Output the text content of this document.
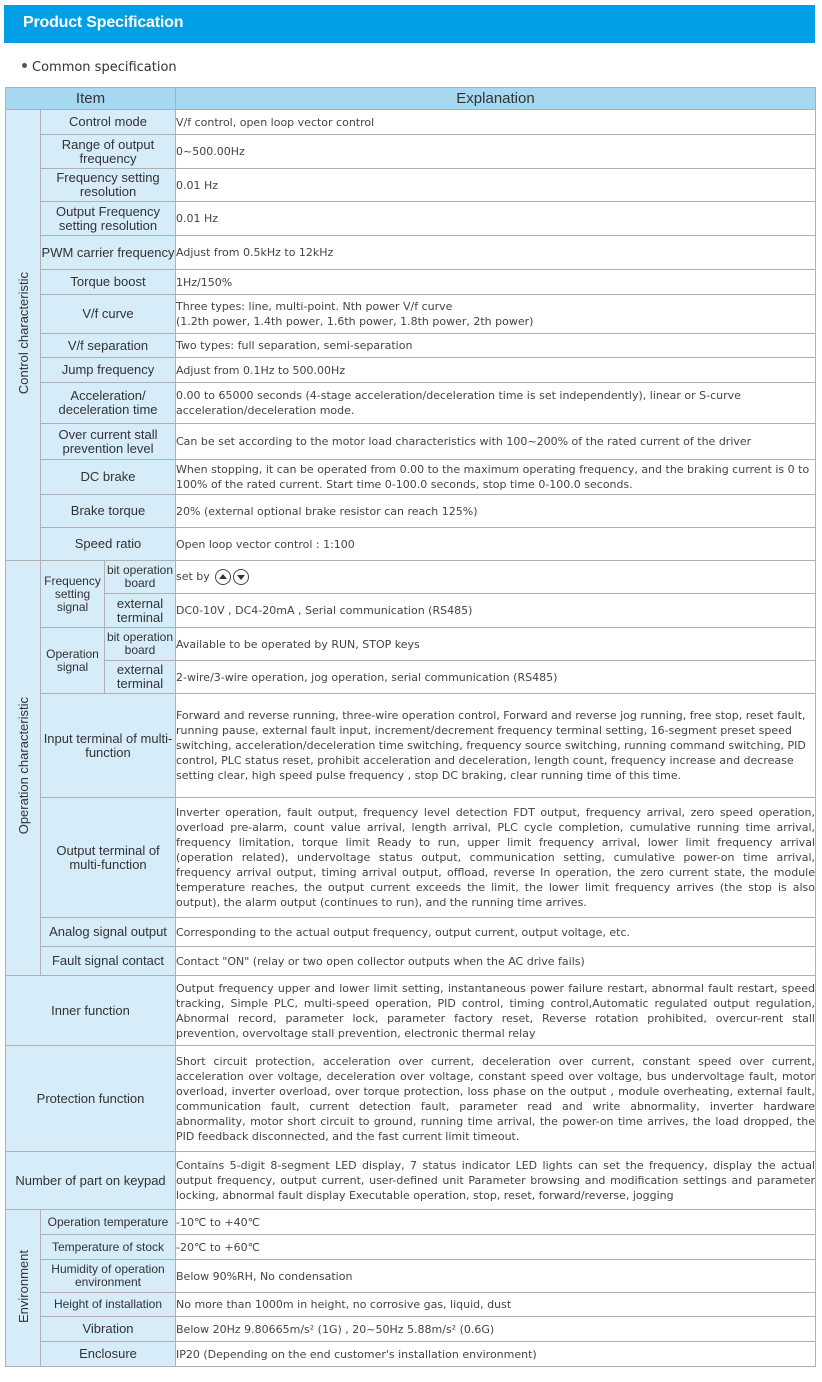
Product Specification
Common specification
Item			Explanation
Control characteristic	Control mode		V/f control, open loop vector control
	Range of output frequency		0~500.00Hz
	Frequency setting resolution		0.01 Hz
	Output Frequency setting resolution		0.01 Hz
	PWM carrier frequency		Adjust from 0.5kHz to 12kHz
	Torque boost		1Hz/150%
	V/f curve		Three types: line, multi-point. Nth power V/f curve
(1.2th power, 1.4th power, 1.6th power, 1.8th power, 2th power)
	V/f separation		Two types: full separation, semi-separation
	Jump frequency		Adjust from 0.1Hz to 500.00Hz
	Acceleration/ deceleration time		0.00 to 65000 seconds (4-stage acceleration/deceleration time is set independently), linear or S-curve acceleration/deceleration mode.
	Over current stall prevention level		Can be set according to the motor load characteristics with 100~200% of the rated current of the driver
	DC brake		When stopping, it can be operated from 0.00 to the maximum operating frequency, and the braking current is 0 to 100% of the rated current. Start time 0-100.0 seconds, stop time 0-100.0 seconds.
	Brake torque		20% (external optional brake resistor can reach 125%)
	Speed ratio		Open loop vector control : 1:100
Operation characteristic	Frequency setting signal	bit operation board	set by
		external terminal	DC0-10V , DC4-20mA , Serial communication (RS485)
	Operation signal	bit operation board	Available to be operated by RUN, STOP keys
		external terminal	2-wire/3-wire operation, jog operation, serial communication (RS485)
	Input terminal of multi-function		Forward and reverse running, three-wire operation control, Forward and reverse jog running, free stop, reset fault, running pause, external fault input, increment/decrement frequency terminal setting, 16-segment preset speed switching, acceleration/deceleration time switching, frequency source switching, running command switching, PID control, PLC status reset, prohibit acceleration and deceleration, length count, frequency increase and decrease setting clear, high speed pulse frequency , stop DC braking, clear running time of this time.
	Output terminal of multi-function		Inverter operation, fault output, frequency level detection FDT output, frequency arrival, zero speed operation, overload pre-alarm, count value arrival, length arrival, PLC cycle completion, cumulative running time arrival, frequency limitation, torque limit Ready to run, upper limit frequency arrival, lower limit frequency arrival (operation related), undervoltage status output, communication setting, cumulative power-on time arrival, frequency arrival output, timing arrival output, offload, reverse In operation, the zero current state, the module temperature reaches, the output current exceeds the limit, the lower limit frequency arrives (the stop is also output), the alarm output (continues to run), and the running time arrives.
	Analog signal output		Corresponding to the actual output frequency, output current, output voltage, etc.
	Fault signal contact		Contact "ON" (relay or two open collector outputs when the AC drive fails)
Inner function			Output frequency upper and lower limit setting, instantaneous power failure restart, abnormal fault restart, speed tracking, Simple PLC, multi-speed operation, PID control, timing control,Automatic regulated output regulation, Abnormal record, parameter lock, parameter factory reset, Reverse rotation prohibited, overcur-rent stall prevention, overvoltage stall prevention, electronic thermal relay
Protection function			Short circuit protection, acceleration over current, deceleration over current, constant speed over current, acceleration over voltage, deceleration over voltage, constant speed over voltage, bus undervoltage fault, motor overload, inverter overload, over torque protection, loss phase on the output , module overheating, external fault, communication fault, current detection fault, parameter read and write abnormality, inverter hardware abnormality, motor short circuit to ground, running time arrival, the power-on time arrives, the load dropped, the PID feedback disconnected, and the fast current limit timeout.
Number of part on keypad			Contains 5-digit 8-segment LED display, 7 status indicator LED lights can set the frequency, display the actual output frequency, output current, user-defined unit Parameter browsing and modification settings and parameter locking, abnormal fault display Executable operation, stop, reset, forward/reverse, jogging
Environment	Operation temperature		-10℃ to +40℃
	Temperature of stock		-20℃ to +60℃
	Humidity of operation environment		Below 90%RH, No condensation
	Height of installation		No more than 1000m in height, no corrosive gas, liquid, dust
	Vibration		Below 20Hz 9.80665m/s² (1G) , 20~50Hz 5.88m/s² (0.6G)
	Enclosure		IP20 (Depending on the end customer's installation environment)
